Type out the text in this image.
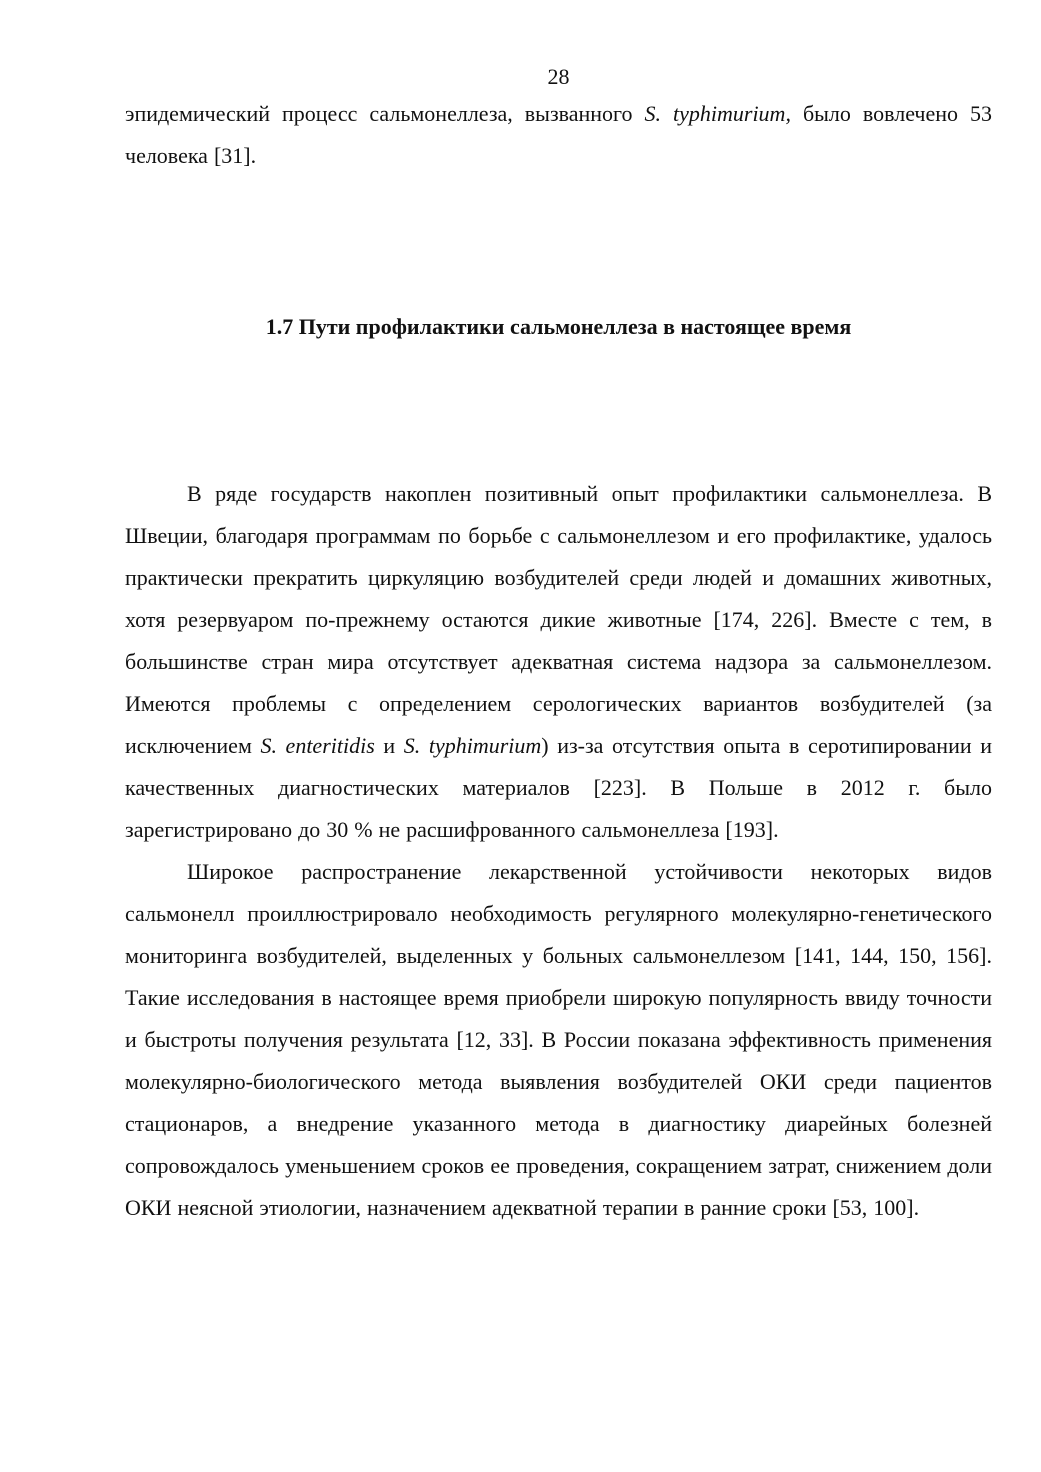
28

эпидемический процесс сальмонеллеза, вызванного S. typhimurium, было вовлечено 53 человека [31].

1.7 Пути профилактики сальмонеллеза в настоящее время

В ряде государств накоплен позитивный опыт профилактики сальмонеллеза. В Швеции, благодаря программам по борьбе с сальмонеллезом и его профилактике, удалось практически прекратить циркуляцию возбудителей среди людей и домашних животных, хотя резервуаром по-прежнему остаются дикие животные [174, 226]. Вместе с тем, в большинстве стран мира отсутствует адекватная система надзора за сальмонеллезом. Имеются проблемы с определением серологических вариантов возбудителей (за исключением S. enteritidis и S. typhimurium) из-за отсутствия опыта в серотипировании и качественных диагностических материалов [223]. В Польше в 2012 г. было зарегистрировано до 30 % не расшифрованного сальмонеллеза [193].

Широкое распространение лекарственной устойчивости некоторых видов сальмонелл проиллюстрировало необходимость регулярного молекулярно-генетического мониторинга возбудителей, выделенных у больных сальмонеллезом [141, 144, 150, 156]. Такие исследования в настоящее время приобрели широкую популярность ввиду точности и быстроты получения результата [12, 33]. В России показана эффективность применения молекулярно-биологического метода выявления возбудителей ОКИ среди пациентов стационаров, а внедрение указанного метода в диагностику диарейных болезней сопровождалось уменьшением сроков ее проведения, сокращением затрат, снижением доли ОКИ неясной этиологии, назначением адекватной терапии в ранние сроки [53, 100].
